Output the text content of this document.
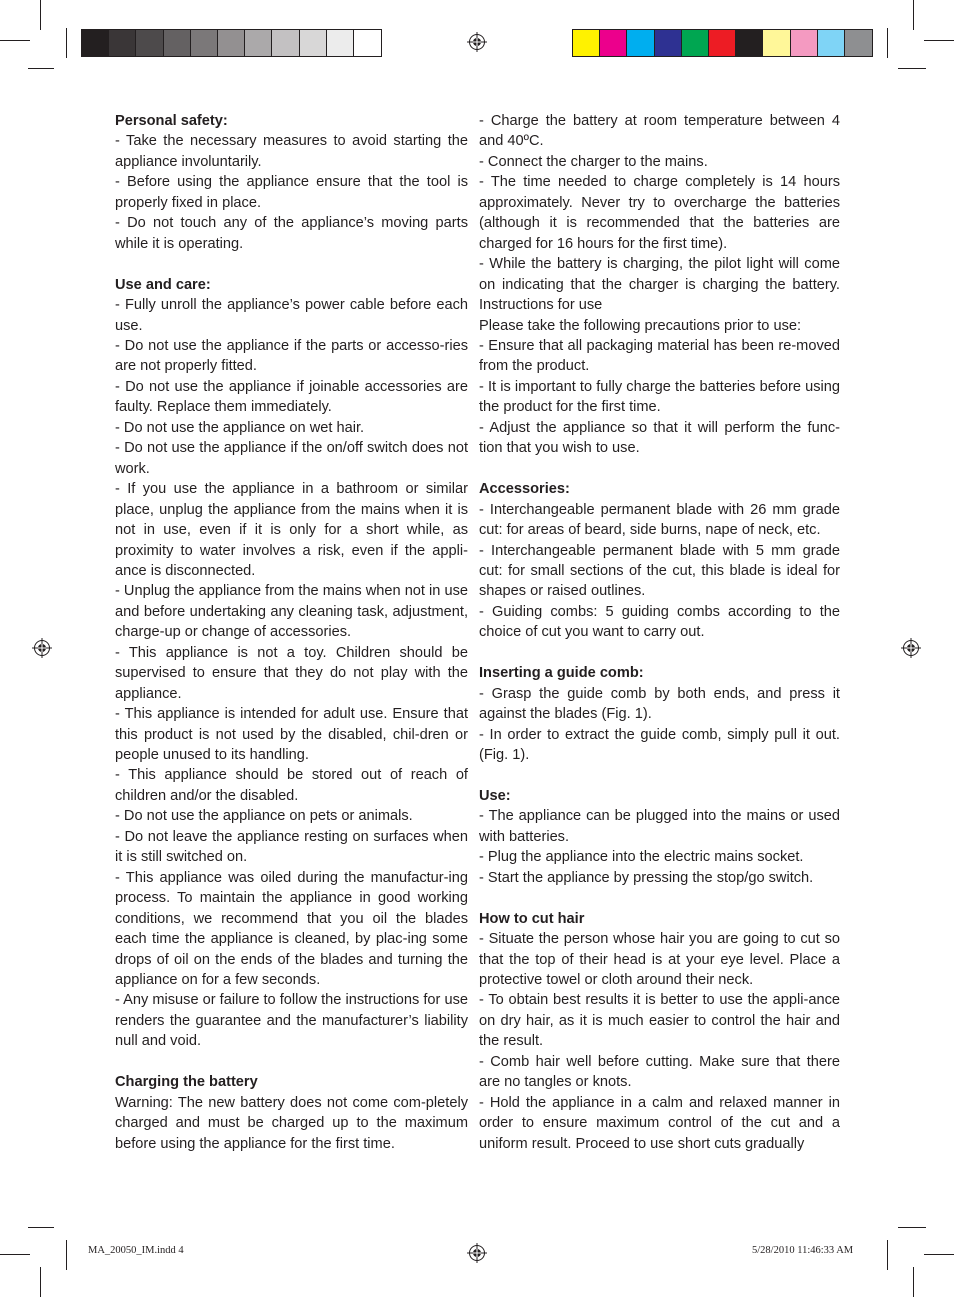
Personal safety:

- Take the necessary measures to avoid starting the appliance involuntarily.

- Before using the appliance ensure that the tool is properly fixed in place.

- Do not touch any of the appliance’s moving parts while it is operating.

Use and care:

- Fully unroll the appliance’s power cable before each use.

- Do not use the appliance if the parts or accesso-ries are not properly fitted.

- Do not use the appliance if joinable accessories are faulty. Replace them immediately.

- Do not use the appliance on wet hair.

- Do not use the appliance if the on/off switch does not work.

- If you use the appliance in a bathroom or similar place, unplug the appliance from the mains when it is not in use, even if it is only for a short while, as proximity to water involves a risk, even if the appli-ance is disconnected.

- Unplug the appliance from the mains when not in use and before undertaking any cleaning task, adjustment, charge-up or change of accessories.

- This appliance is not a toy. Children should be supervised to ensure that they do not play with the appliance.

- This appliance is intended for adult use. Ensure that this product is not used by the disabled, chil-dren or people unused to its handling.

- This appliance should be stored out of reach of children and/or the disabled.

- Do not use the appliance on pets or animals.

- Do not leave the appliance resting on surfaces when it is still switched on.

- This appliance was oiled during the manufactur-ing process. To maintain the appliance in good working conditions, we recommend that you oil the blades each time the appliance is cleaned, by plac-ing some drops of oil on the ends of the blades and turning the appliance on for a few seconds.

- Any misuse or failure to follow the instructions for use renders the guarantee and the manufacturer’s liability null and void.

Charging the battery

Warning: The new battery does not come com-pletely charged and must be charged up to the maximum before using the appliance for the first time.

- Charge the battery at room temperature between 4 and 40ºC.

- Connect the charger to the mains.

- The time needed to charge completely is 14 hours approximately. Never try to overcharge the batteries (although it is recommended that the batteries are charged for 16 hours for the first time).

- While the battery is charging, the pilot light will come on indicating that the charger is charging the battery. Instructions for use

Please take the following precautions prior to use:

- Ensure that all packaging material has been re-moved from the product.

- It is important to fully charge the batteries before using the product for the first time.

- Adjust the appliance so that it will perform the func-tion that you wish to use.

Accessories:

- Interchangeable permanent blade with 26 mm grade cut: for areas of beard, side burns, nape of neck, etc.

- Interchangeable permanent blade with 5 mm grade cut: for small sections of the cut, this blade is ideal for shapes or raised outlines.

- Guiding combs: 5 guiding combs according to the choice of cut you want to carry out.

Inserting a guide comb:

- Grasp the guide comb by both ends, and press it against the blades (Fig. 1).

- In order to extract the guide comb, simply pull it out. (Fig. 1).

Use:

- The appliance can be plugged into the mains or used with batteries.

- Plug the appliance into the electric mains socket.

- Start the appliance by pressing the stop/go switch.

How to cut hair

- Situate the person whose hair you are going to cut so that the top of their head is at your eye level. Place a protective towel or cloth around their neck.

- To obtain best results it is better to use the appli-ance on dry hair, as it is much easier to control the hair and the result.

- Comb hair well before cutting. Make sure that there are no tangles or knots.

- Hold the appliance in a calm and relaxed manner in order to ensure maximum control of the cut and a uniform result. Proceed to use short cuts gradually

MA_20050_IM.indd 4	5/28/2010 11:46:33 AM
